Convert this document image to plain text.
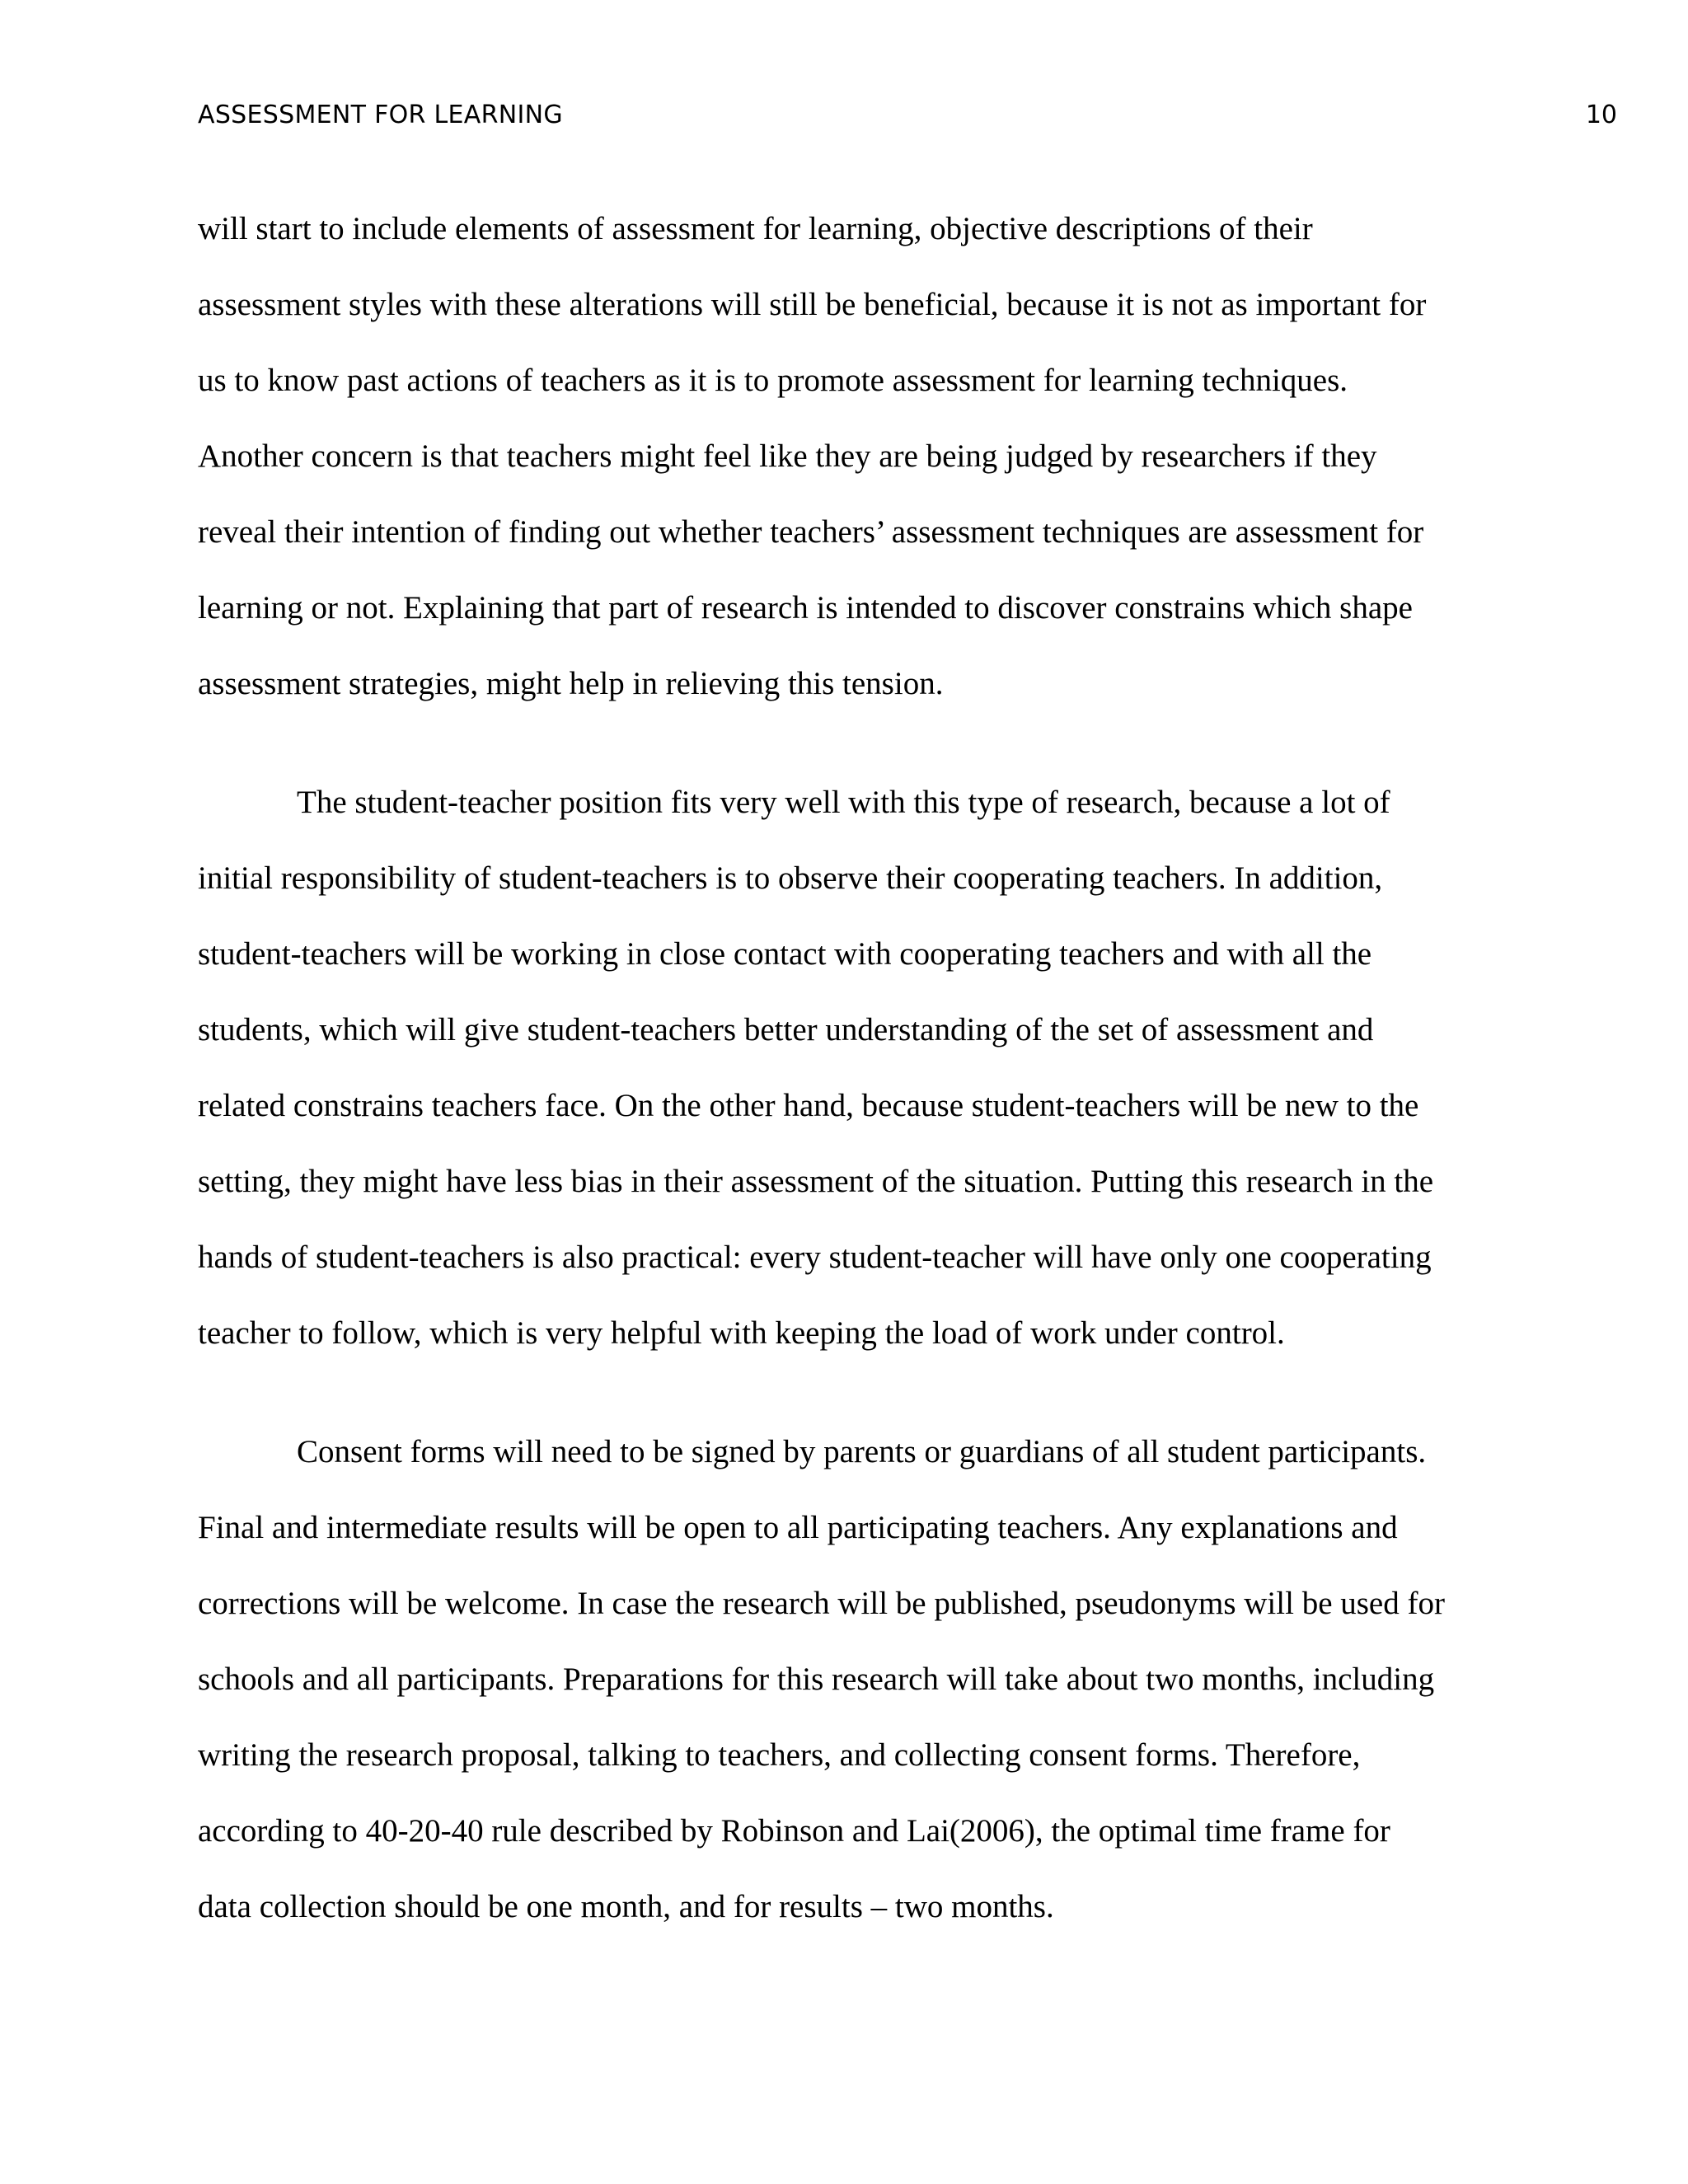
ASSESSMENT FOR LEARNING	10
will start to include elements of assessment for learning, objective descriptions of their
assessment styles with these alterations will still be beneficial, because it is not as important for
us to know past actions of teachers as it is to promote assessment for learning techniques.
Another concern is that teachers might feel like they are being judged by researchers if they
reveal their intention of finding out whether teachers’ assessment techniques are assessment for
learning or not. Explaining that part of research is intended to discover constrains which shape
assessment strategies, might help in relieving this tension.
The student-teacher position fits very well with this type of research, because a lot of
initial responsibility of student-teachers is to observe their cooperating teachers. In addition,
student-teachers will be working in close contact with cooperating teachers and with all the
students, which will give student-teachers better understanding of the set of assessment and
related constrains teachers face. On the other hand, because student-teachers will be new to the
setting, they might have less bias in their assessment of the situation. Putting this research in the
hands of student-teachers is also practical: every student-teacher will have only one cooperating
teacher to follow, which is very helpful with keeping the load of work under control.
Consent forms will need to be signed by parents or guardians of all student participants.
Final and intermediate results will be open to all participating teachers. Any explanations and
corrections will be welcome. In case the research will be published, pseudonyms will be used for
schools and all participants. Preparations for this research will take about two months, including
writing the research proposal, talking to teachers, and collecting consent forms. Therefore,
according to 40-20-40 rule described by Robinson and Lai(2006), the optimal time frame for
data collection should be one month, and for results – two months.
